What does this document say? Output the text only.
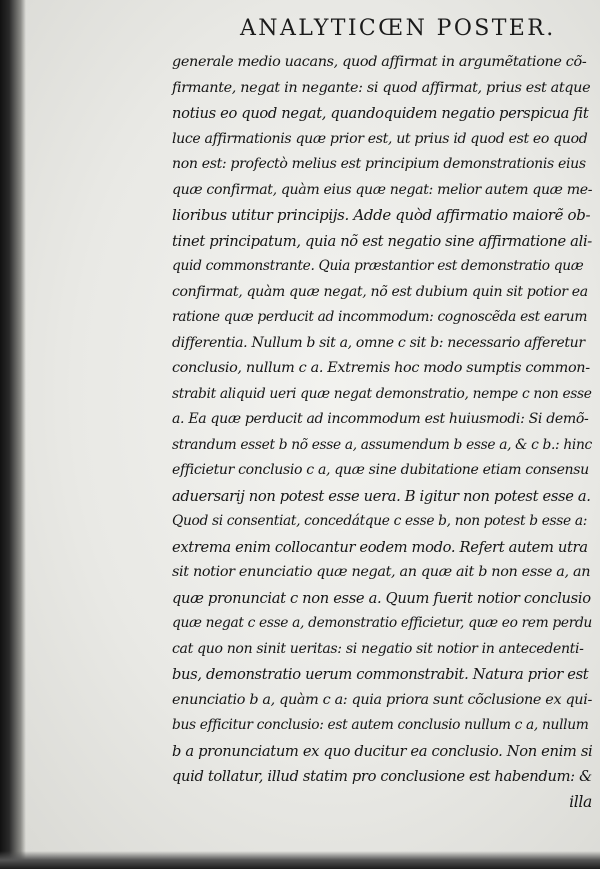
ANALYTICŒN POSTER.
generale medio uacans, quod affirmat in argumẽtatione cõ-
firmante, negat in negante: si quod affirmat, prius est atque
notius eo quod negat, quandoquidem negatio perspicua fit
luce affirmationis quæ prior est, ut prius id quod est eo quod
non est: profectò melius est principium demonstrationis eius
quæ confirmat, quàm eius quæ negat: melior autem quæ me-
lioribus utitur principijs. Adde quòd affirmatio maiorẽ ob-
tinet principatum, quia nõ est negatio sine affirmatione ali-
quid commonstrante. Quia præstantior est demonstratio quæ
confirmat, quàm quæ negat, nõ est dubium quin sit potior ea
ratione quæ perducit ad incommodum: cognoscẽda est earum
differentia. Nullum b sit a, omne c sit b: necessario afferetur
conclusio, nullum c a. Extremis hoc modo sumptis common-
strabit aliquid ueri quæ negat demonstratio, nempe c non esse
a. Ea quæ perducit ad incommodum est huiusmodi: Si demõ-
strandum esset b nõ esse a, assumendum b esse a, & c b.: hinc
efficietur conclusio c a, quæ sine dubitatione etiam consensu
aduersarij non potest esse uera. B igitur non potest esse a.
Quod si consentiat, concedátque c esse b, non potest b esse a:
extrema enim collocantur eodem modo. Refert autem utra
sit notior enunciatio quæ negat, an quæ ait b non esse a, an
quæ pronunciat c non esse a. Quum fuerit notior conclusio
quæ negat c esse a, demonstratio efficietur, quæ eo rem perdu
cat quo non sinit ueritas: si negatio sit notior in antecedenti-
bus, demonstratio uerum commonstrabit. Natura prior est
enunciatio b a, quàm c a: quia priora sunt cõclusione ex qui-
bus efficitur conclusio: est autem conclusio nullum c a, nullum
b a pronunciatum ex quo ducitur ea conclusio. Non enim si
quid tollatur, illud statim pro conclusione est habendum: &
illa
